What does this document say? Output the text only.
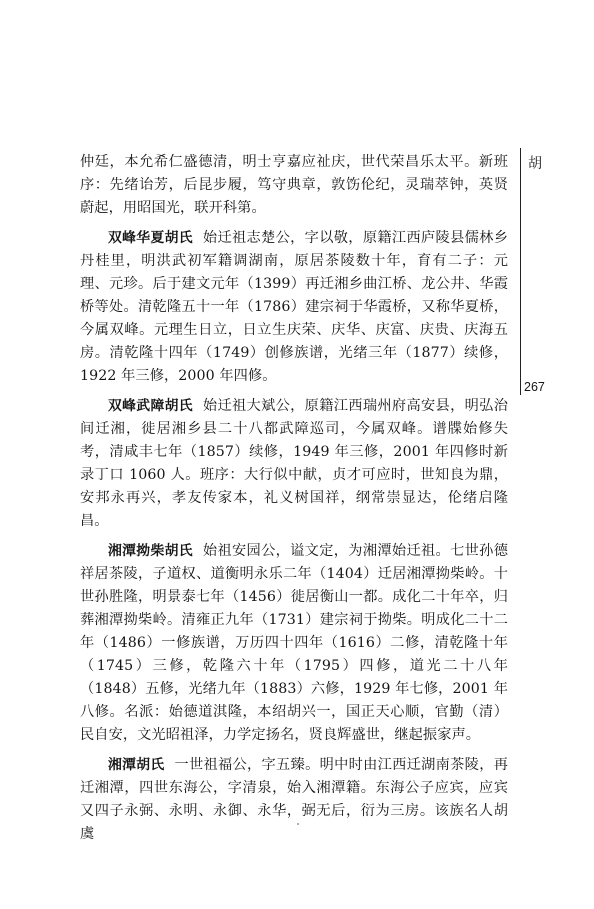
仲廷，本允希仁盛德清，明士亨嘉应祉庆，世代荣昌乐太平。新班序：先绪诒芳，后昆步履，笃守典章，敦饬伦纪，灵瑞萃钟，英贤蔚起，用昭国光，联开科第。

双峰华夏胡氏 始迁祖志楚公，字以敬，原籍江西庐陵县儒林乡丹桂里，明洪武初军籍调湖南，原居茶陵数十年，育有二子：元理、元珍。后于建文元年（1399）再迁湘乡曲江桥、龙公井、华霞桥等处。清乾隆五十一年（1786）建宗祠于华霞桥，又称华夏桥，今属双峰。元理生日立，日立生庆荣、庆华、庆富、庆贵、庆海五房。清乾隆十四年（1749）创修族谱，光绪三年（1877）续修，1922 年三修，2000 年四修。

双峰武障胡氏 始迁祖大斌公，原籍江西瑞州府高安县，明弘治间迁湘，徙居湘乡县二十八都武障巡司，今属双峰。谱牒始修失考，清咸丰七年（1857）续修，1949 年三修，2001 年四修时新录丁口 1060 人。班序：大行似中献，贞才可应时，世知良为鼎，安邦永再兴，孝友传家本，礼义树国祥，纲常崇显达，伦绪启隆昌。

湘潭拗柴胡氏 始祖安园公，谥文定，为湘潭始迁祖。七世孙德祥居茶陵，子道权、道衡明永乐二年（1404）迁居湘潭拗柴岭。十世孙胜隆，明景泰七年（1456）徙居衡山一都。成化二十年卒，归葬湘潭拗柴岭。清雍正九年（1731）建宗祠于拗柴。明成化二十二年（1486）一修族谱，万历四十四年（1616）二修，清乾隆十年（1745）三修，乾隆六十年（1795）四修，道光二十八年（1848）五修，光绪九年（1883）六修，1929 年七修，2001 年八修。名派：始德道淇隆，本绍胡兴一，国正天心顺，官勤（清）民自安，文光昭祖泽，力学定扬名，贤良辉盛世，继起振家声。

湘潭胡氏 一世祖福公，字五臻。明中时由江西迁湖南茶陵，再迁湘潭，四世东海公，字清泉，始入湘潭籍。东海公子应宾，应宾又四子永弼、永明、永御、永华，弼无后，衍为三房。该族名人胡虞

胡
267
